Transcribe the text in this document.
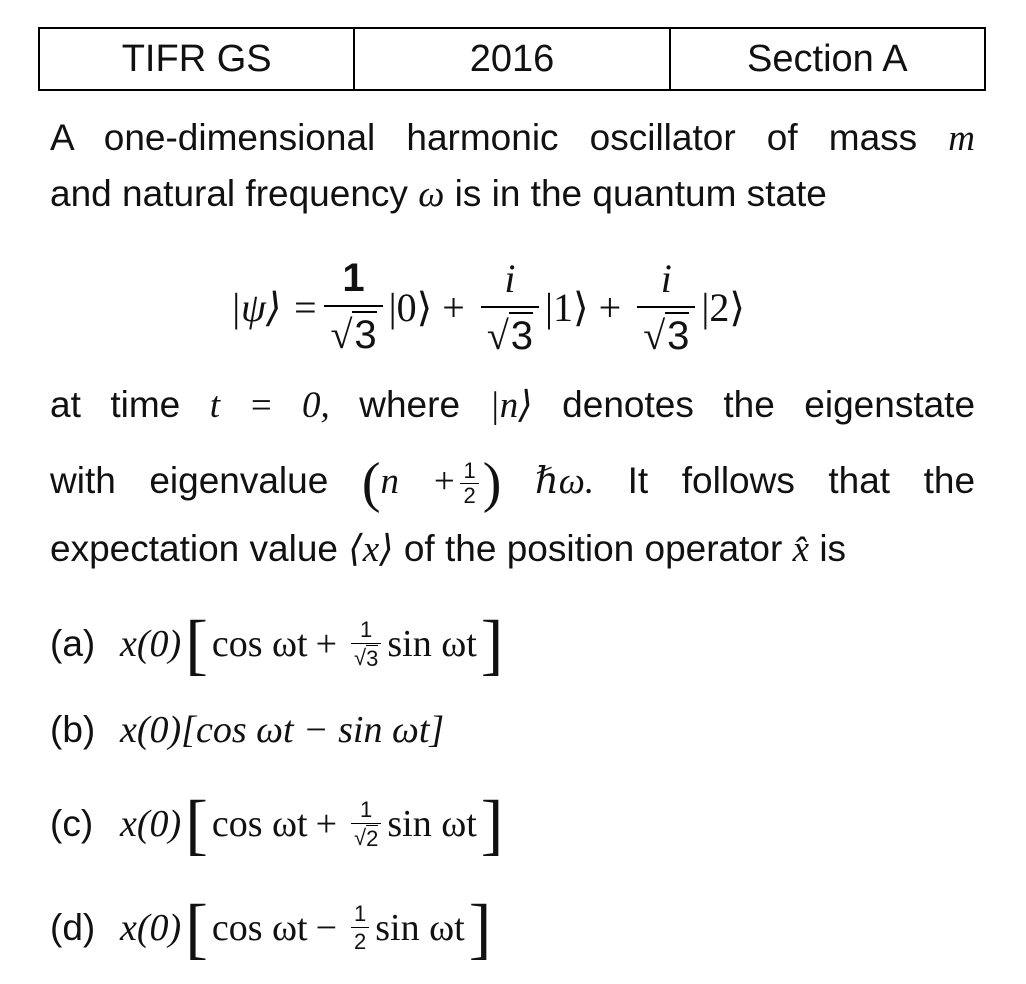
TIFR GS	2016	Section A
A one-dimensional harmonic oscillator of mass m
and natural frequency ω is in the quantum state
|ψ⟩ = $\frac{1}{√ 3}$ |0⟩ + $\frac{i}{√ 3}$ |1⟩ + $\frac{i}{√ 3}$ |2⟩
at time t = 0, where |n⟩ denotes the eigenstate
with eigenvalue ($n + \frac{1}{2}$ ) ℏω. It follows that the
expectation value ⟨x⟩ of the position operator x̂ is
(a) x(0) [ $\cos \omega t + \frac{1}{√ 3}$ sin ωt ]
(b) x(0)[cos ωt − sin ωt]
(c) x(0) [ $\cos \omega t + \frac{1}{√ 2}$ sin ωt ]
(d) x(0) [ $\cos \omega t - \frac{1}{2}$ sin ωt ]
